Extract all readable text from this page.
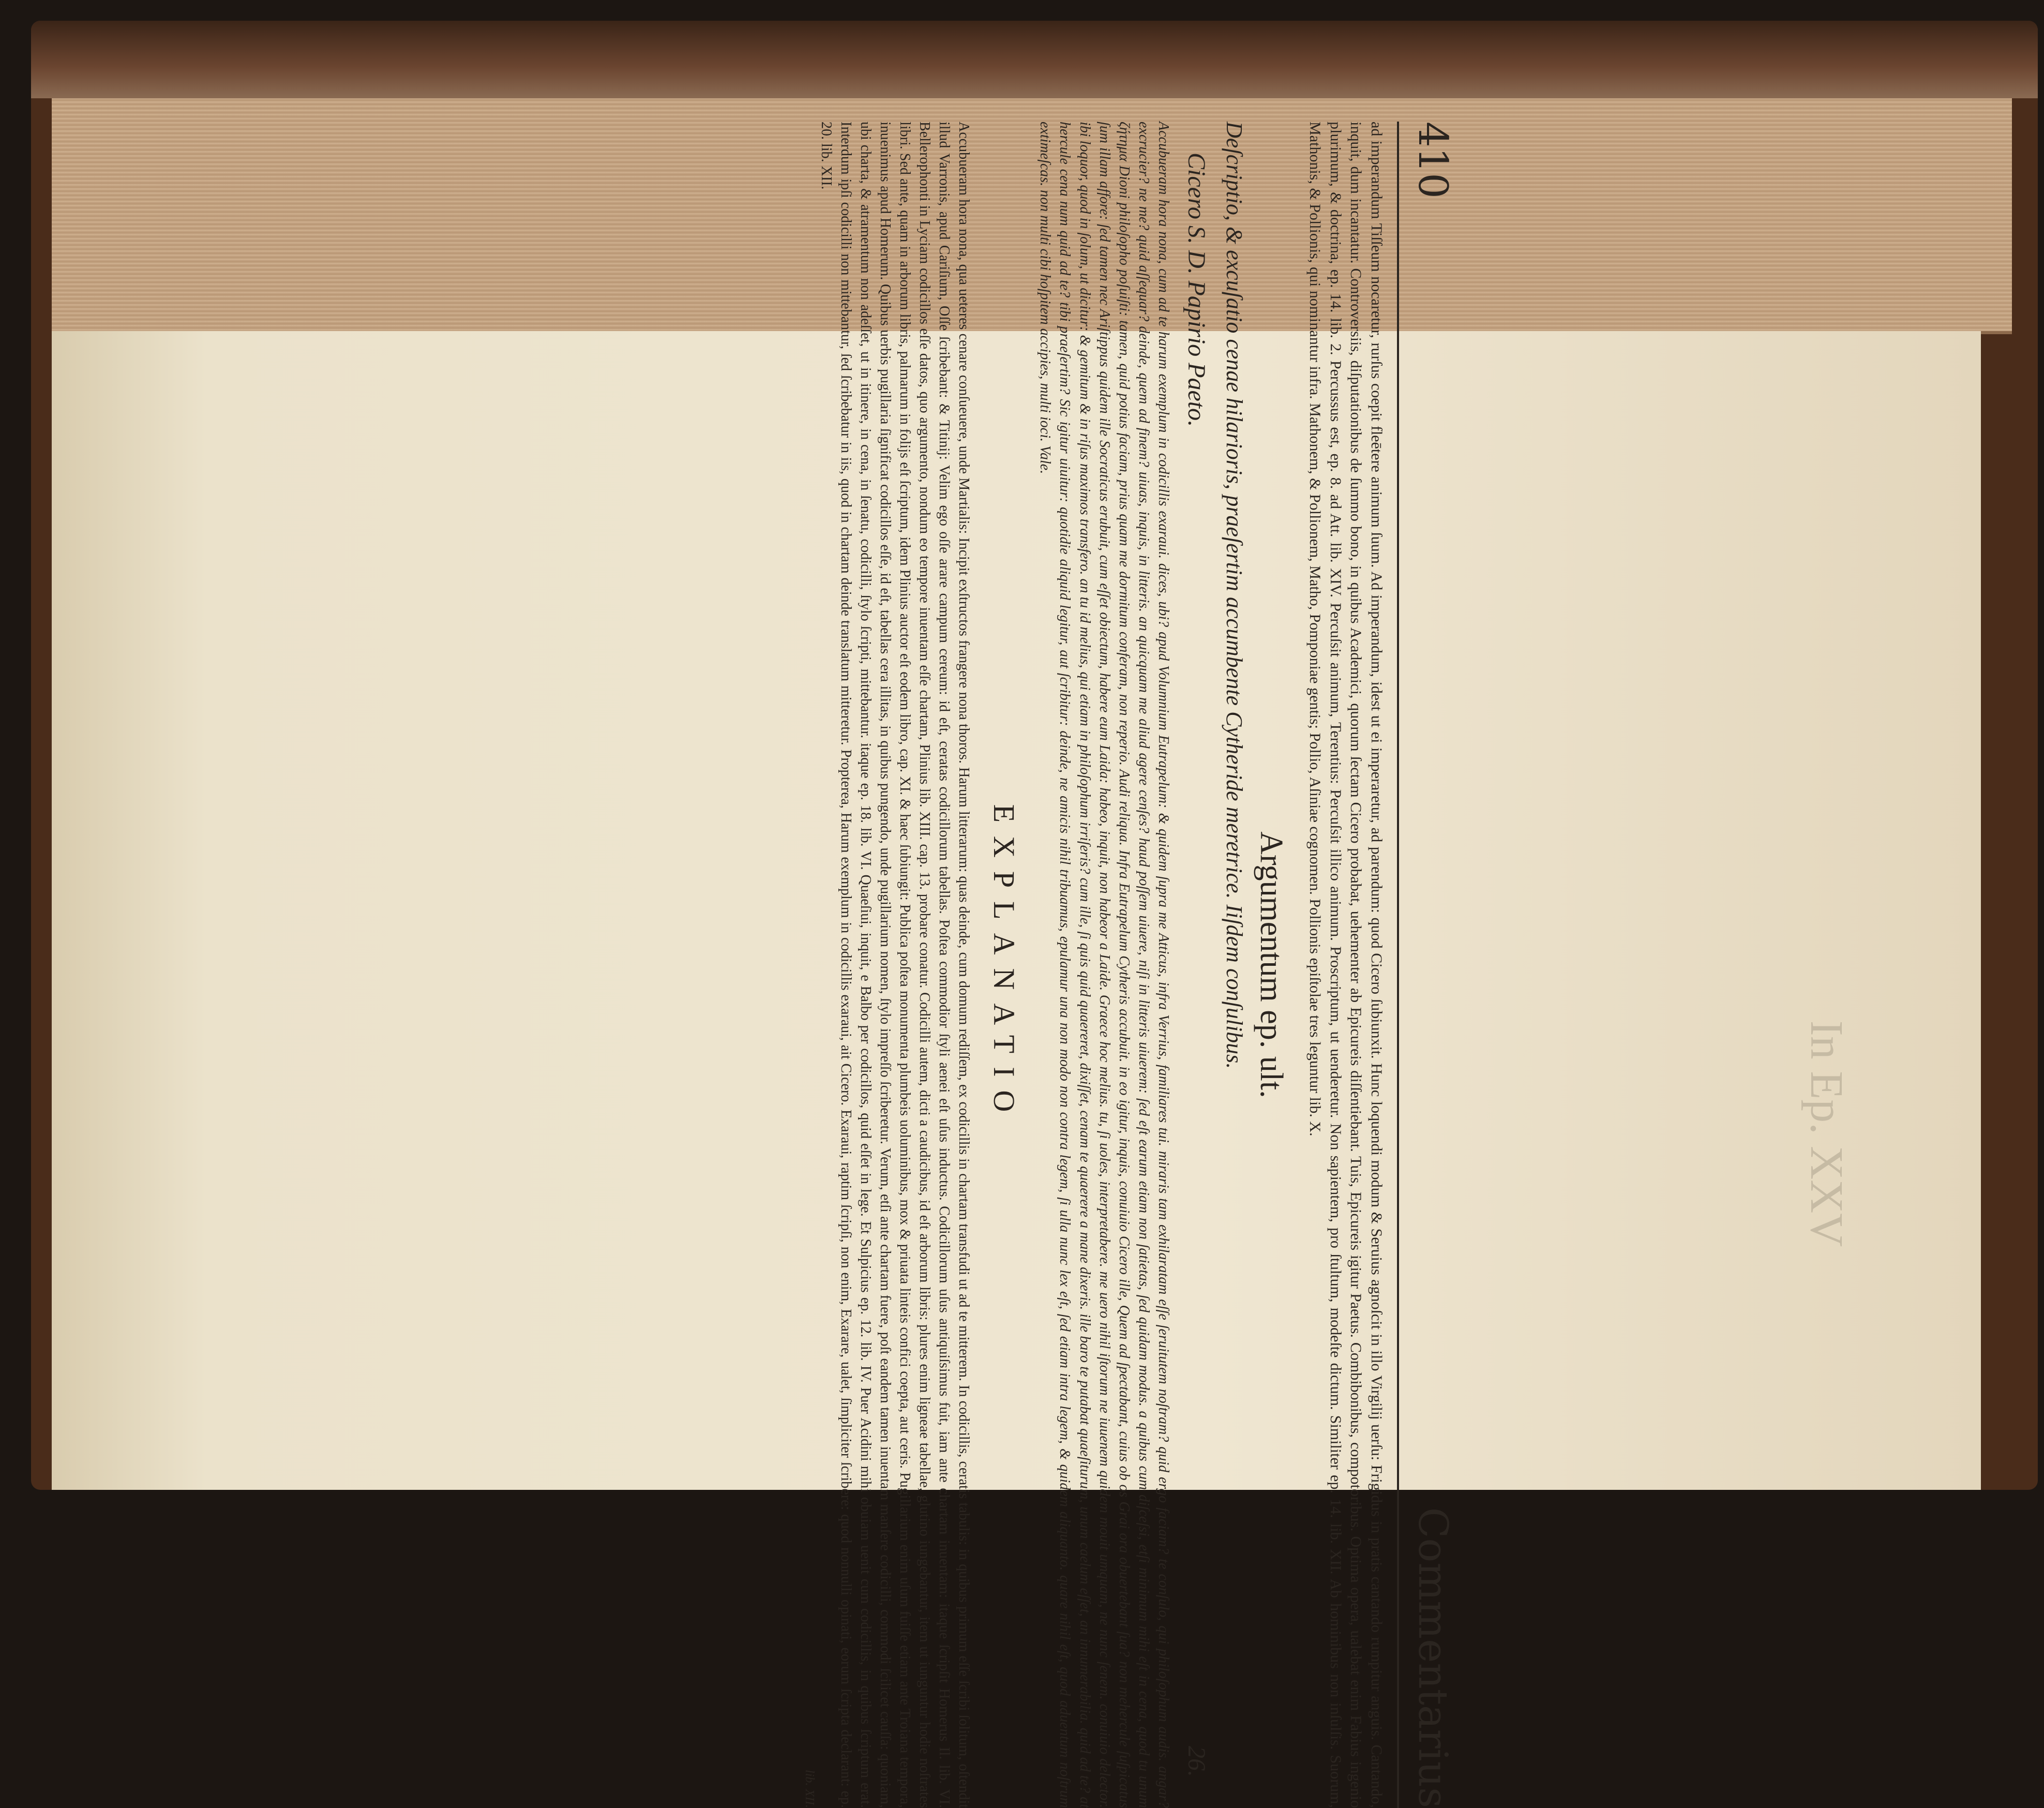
In Ep. XXV
410
Commentarius
ad imperandum Tiſſeum nocaretur, rurſus coepit fleētere animum ſuum. Ad imperandum, idest ut ei imperaretur, ad parendum: quod Cicero ſubiunxit. Hunc loquendi modum & Seruius agnoſcit in illo Virgilij uerſu: Frigidus in pratis cantando rumpitur anguis. Cantando, inquit, dum incantatur. Controversiis, diſputationibus de ſummo bono, in quibus Academici, quorum ſectam Cicero probabat, uehementer ab Epicureis diſſentiebant. Tuis, Epicureis igitur Paetus. Combibonibus, compotoribus. Optima opera, ualebat enim Fabius ingenio plurimum, & doctrina, ep. 14. lib. 2. Percussus est, ep. 8. ad Att. lib. XIV. Percuſsit animum, Terentius: Percuſsit illico animum. Proscriptum, ut uenderetur. Non sapientem, pro ſtultum, modeſte dictum. Similiter ep. 14. lib. XII. Ab hominibus non inſulſis. Suorum, Mathonis, & Pollionis, qui nominantur infra. Mathonem, & Pollionem, Matho, Pomponiae gentis; Pollio, Aſiniae cognomen. Pollionis epiſtolae tres leguntur lib. X.
Argumentum ep. ult.
Deſcriptio, & excuſatio cenae hilarioris, praeſertim accumbente Cytheride meretrice. Iiſdem conſulibus.
Cicero S. D. Papirio Paeto.
26.
Accubueram hora nona, cum ad te harum exemplum in codicillis exaraui. dices, ubi? apud Volumnium Eutrapelum: & quidem ſupra me Atticus, infra Verrius, familiares tui. miraris tam exhilaratam eſſe ſeruitutem noſtram? quid ergo faciam? te conſulo, qui philoſophum audis. angar? excrucier? ne me? quid aſſequar? deinde, quem ad finem? uiuas, inquis, in litteris. an quicquam me aliud agere cenſes? haud poſſem uiuere, niſi in litteris uiuerem: ſed eſt earum etiam non ſatietas, ſed quidam modus. a quibus cum diſceſsi, etſi minimum mihi eſt in cena, quod tu unum ζήτημα Dioni philoſopho poſuiſti: tamen, quid potius faciam, prius quam me dormitum conferam, non reperio. Audi reliqua. Infra Eutrapelum Cytheris accubuit. in eo igitur, inquis, conuiuio Cicero ille, Quem ad ſpectabant, cuius ob os Grai ora obuertebant ſua? non mehercule ſuſpicatus ſum illam affore: ſed tamen nec Ariſtippus quidem ille Socraticus erubuit, cum eſſet obiectum, habere eum Laida: habeo, inquit, non habeor a Laide. Graece hoc melius. tu, ſi uoles, interpretabere. me uero nihil iſtorum ne iuuenem quidem mouit umquam, ne nunc ſenem. conuiuio delector. ibi loquor, quod in ſolum, ut dicitur: & gemitum & in riſus maximos transfero. an tu id melius, qui etiam in philoſophum irriſeris? cum ille, ſi quis quid quaereret, dixiſſet, cenam te quaerere a mane dixeris. ille baro te putabat quaeſiturum, unum caelum eſſet, an innumerabilia. quid ad te? at hercule cena num quid ad te? tibi praeſertim? Sic igitur uiuitur: quotidie aliquid legitur, aut ſcribitur: deinde, ne amicis nihil tribuamus, epulamur una non modo non contra legem, ſi ulla nunc lex eſt, ſed etiam intra legem, & quidem aliquanto. quare nihil eſt, quod aduentum noſtrum extimeſcas. non multi cibi hoſpitem accipies, multi ioci. Vale.
EXPLANATIO
Accubueram hora nona, qua ueteres cenare conſueuere, unde Martialis: Incipit exſtructos frangere nona thoros. Harum litterarum: quas deinde, cum domum rediſſem, ex codicillis in chartam transfudi ut ad te mitterem. In codicillis, ceratis tabulis: in quibus primum eſſe ſcribi ſolitum, oſtendit illud Varronis, apud Cariſium, Oſſe ſcribebant: & Titinij: Velim ego oſſe arare campum cereum: id eſt, ceratas codicillorum tabellas. Poſtea commodior ſtyli aenei eſt uſus inductus. Codicillorum uſus antiquiſsimus fuit, iam ante chartam inuentam: itaque ſcripſit Homerus Il. lib. VI. Bellerophonti in Lyciam codicillos eſſe datos, quo argumento, nondum eo tempore inuentam eſſe chartam, Plinius lib. XIII. cap. 13. probare conatur. Codicilli autem, dicti a caudicibus, id eſt arborum libris: plures enim ligneae tabellae, glutino iungebantur, item ut iunguntur hodie noſtrates libri. Sed ante, quam in arborum libris, palmarum in folijs eſt ſcriptum, idem Plinius auctor eſt eodem libro, cap. XI. & haec ſubiungit: Publica poſtea monumenta plumbeis uoluminibus, mox & priuata linteis confici coepta, aut ceris. Pugillarium enim uſum fuiſſe etiam ante Troiana tempora, inuenimus apud Homerum. Quibus uerbis pugillaria ſignificat codicillos eſſe, id eſt, tabellas cera illitas, in quibus pungendo, unde pugillarium nomen, ſtylo impreſſo ſcriberetur. Verum, etſi ante chartam fuere, poſt eandem tamen inuentam manſere codicilli, commodi ſcilicet cauſſa: quoniam, ubi charta, & atramentum non adeſſet, ut in itinere, in cena, in ſenatu, codicilli, ſtylo ſcripti, mittebantur. itaque ep. 18. lib. VI. Quaeſiui, inquit, e Balbo per codicillos, quid eſſet in lege. Et Sulpicius ep. 12. lib. IV. Puer Acidini mihi obuiam uenit cum codicillis, in quibus ſcriptum erat. Interdum ipſi codicilli non mittebantur, ſed ſcribebatur in iis, quod in chartam deinde translatum mitteretur. Propterea, Harum exemplum in codicillis exaraui, ait Cicero. Exaraui, raptim ſcripſi, non enim, Exarare, ualet, ſimpliciter ſcribere: quod nonnulli opinati, eorum ſcripta declarant: ep. 20. lib. XII.
lib. XII.
